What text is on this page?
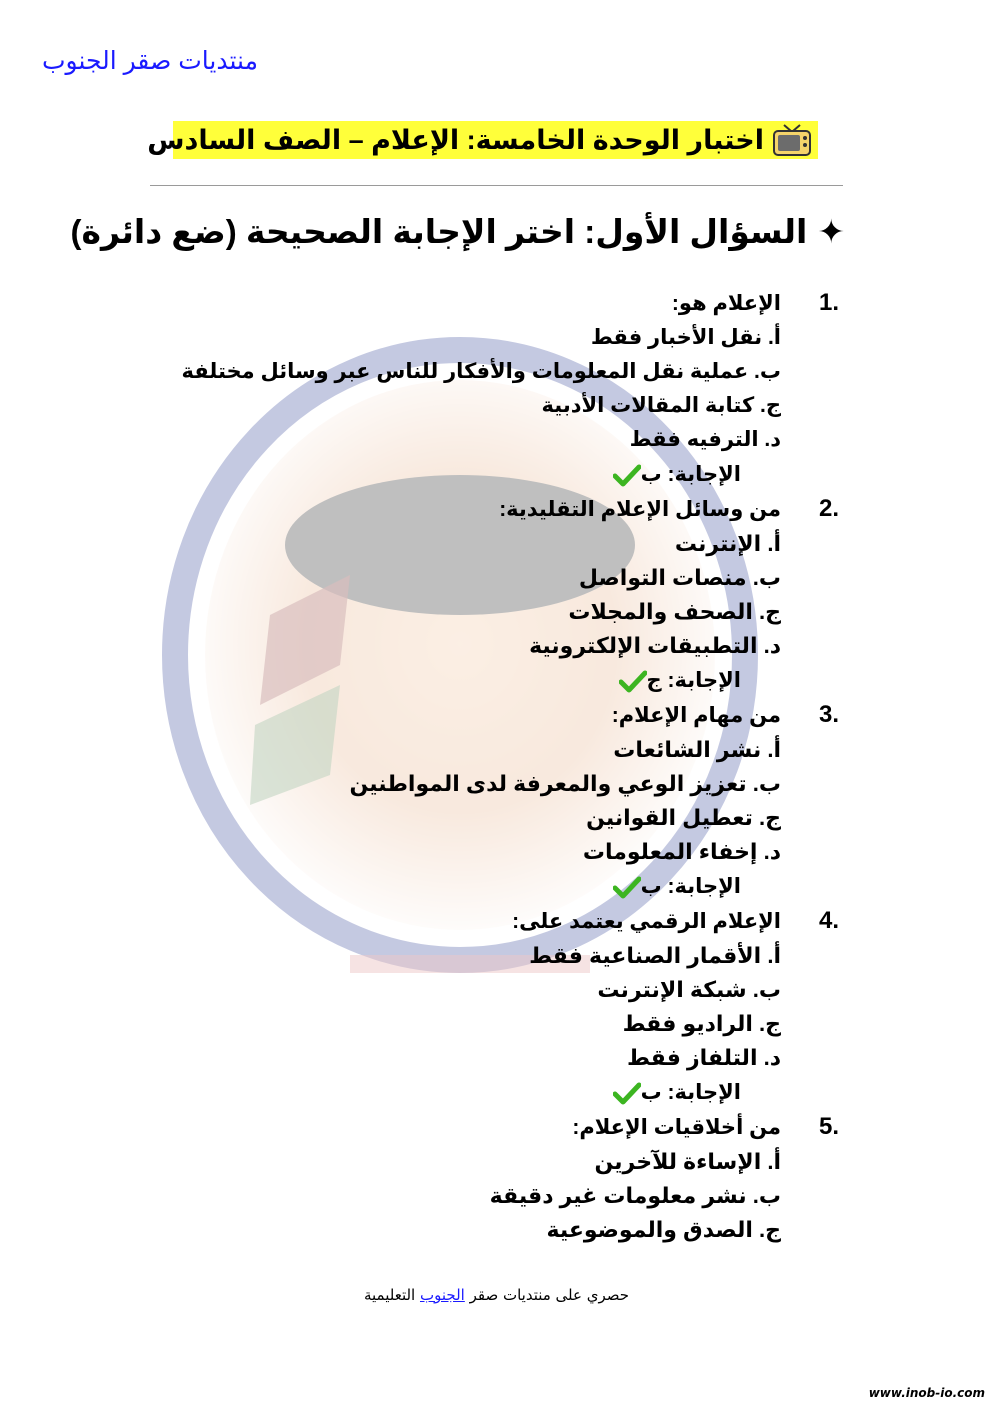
منتديات صقر الجنوب
اختبار الوحدة الخامسة: الإعلام – الصف السادس
✦السؤال الأول: اختر الإجابة الصحيحة (ضع دائرة)
1.
الإعلام هو:
أ. نقل الأخبار فقط
ب. عملية نقل المعلومات والأفكار للناس عبر وسائل مختلفة
ج. كتابة المقالات الأدبية
د. الترفيه فقط
الإجابة: ب
2.
من وسائل الإعلام التقليدية:
أ. الإنترنت
ب. منصات التواصل
ج. الصحف والمجلات
د. التطبيقات الإلكترونية
الإجابة: ج
3.
من مهام الإعلام:
أ. نشر الشائعات
ب. تعزيز الوعي والمعرفة لدى المواطنين
ج. تعطيل القوانين
د. إخفاء المعلومات
الإجابة: ب
4.
الإعلام الرقمي يعتمد على:
أ. الأقمار الصناعية فقط
ب. شبكة الإنترنت
ج. الراديو فقط
د. التلفاز فقط
الإجابة: ب
5.
من أخلاقيات الإعلام:
أ. الإساءة للآخرين
ب. نشر معلومات غير دقيقة
ج. الصدق والموضوعية
حصري على منتديات صقر الجنوب التعليمية
www.inob-io.com
